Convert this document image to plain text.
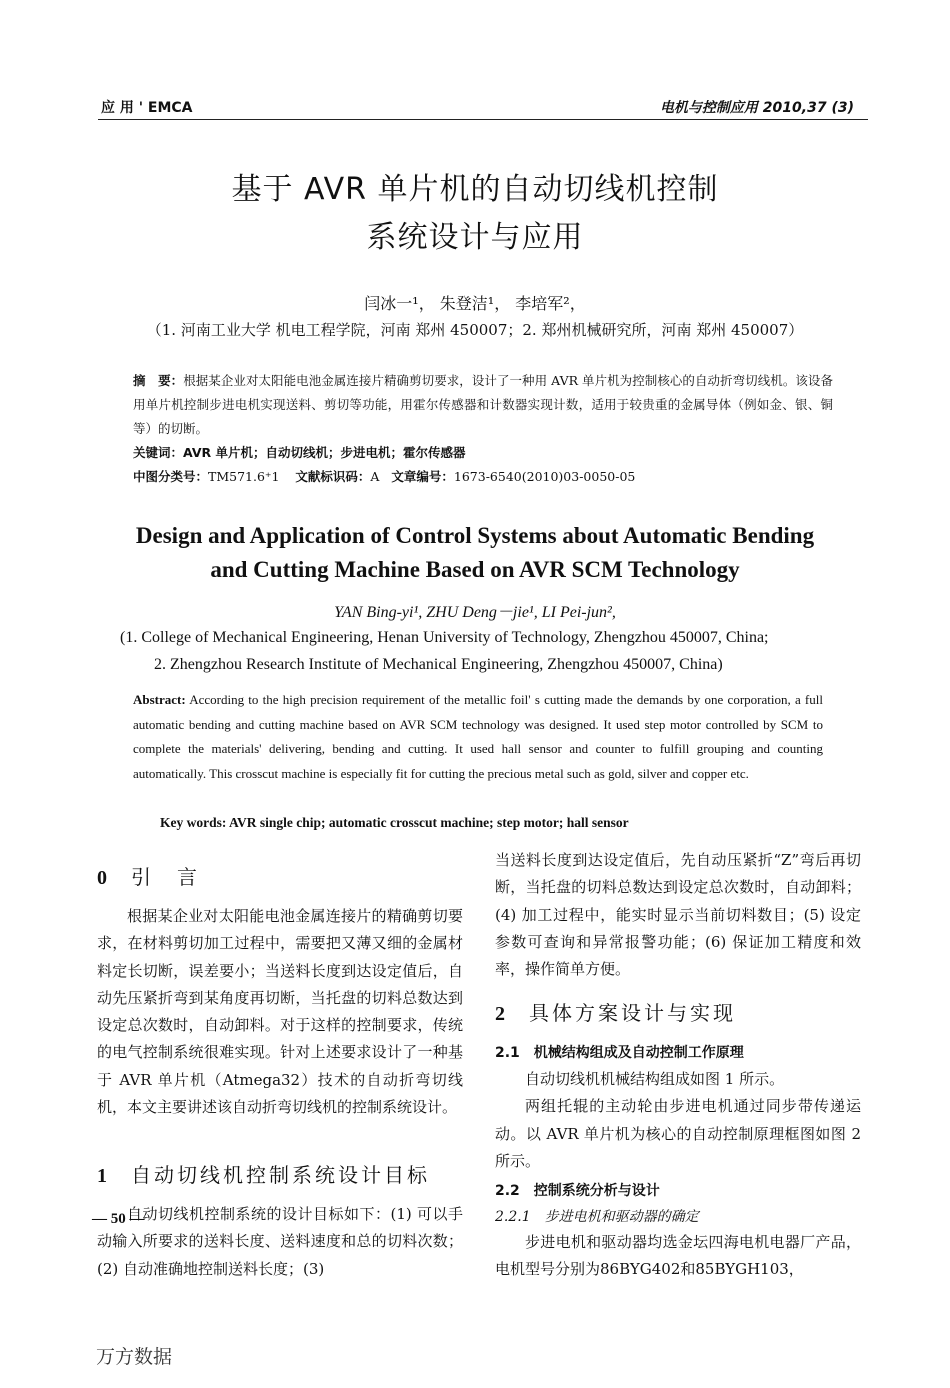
应 用 ' EMCA	电机与控制应用 2010,37 (3)
基于 AVR 单片机的自动切线机控制
系统设计与应用
闫冰一¹， 朱登洁¹， 李培军²，
（1. 河南工业大学 机电工程学院，河南 郑州 450007；2. 郑州机械研究所，河南 郑州 450007）

摘　要：根据某企业对太阳能电池金属连接片精确剪切要求，设计了一种用 AVR 单片机为控制核心的自动折弯切线机。该设备用单片机控制步进电机实现送料、剪切等功能，用霍尔传感器和计数器实现计数，适用于较贵重的金属导体（例如金、银、铜等）的切断。

关键词：AVR 单片机；自动切线机；步进电机；霍尔传感器

中图分类号：TM571.6⁺1 文献标识码：A 文章编号：1673-6540(2010)03-0050-05

Design and Application of Control Systems about Automatic Bending
and Cutting Machine Based on AVR SCM Technology
YAN Bing-yi¹, ZHU Deng－jie¹, LI Pei-jun²,

(1. College of Mechanical Engineering, Henan University of Technology, Zhengzhou 450007, China;

2. Zhengzhou Research Institute of Mechanical Engineering, Zhengzhou 450007, China)

Abstract: According to the high precision requirement of the metallic foil' s cutting made the demands by one corporation, a full automatic bending and cutting machine based on AVR SCM technology was designed. It used step motor controlled by SCM to complete the materials' delivering, bending and cutting. It used hall sensor and counter to fulfill grouping and counting automatically. This crosscut machine is especially fit for cutting the precious metal such as gold, silver and copper etc.
Key words: AVR single chip; automatic crosscut machine; step motor; hall sensor
0 引　言

根据某企业对太阳能电池金属连接片的精确剪切要求，在材料剪切加工过程中，需要把又薄又细的金属材料定长切断，误差要小；当送料长度到达设定值后，自动先压紧折弯到某角度再切断，当托盘的切料总数达到设定总次数时，自动卸料。对于这样的控制要求，传统的电气控制系统很难实现。针对上述要求设计了一种基于 AVR 单片机（Atmega32）技术的自动折弯切线机，本文主要讲述该自动折弯切线机的控制系统设计。

1 自动切线机控制系统设计目标

自动切线机控制系统的设计目标如下：(1) 可以手动输入所要求的送料长度、送料速度和总的切料次数；(2) 自动准确地控制送料长度；(3)

— 50 —

当送料长度到达设定值后，先自动压紧折“Z”弯后再切断，当托盘的切料总数达到设定总次数时，自动卸料；(4) 加工过程中，能实时显示当前切料数目；(5) 设定参数可查询和异常报警功能；(6) 保证加工精度和效率，操作简单方便。

2 具体方案设计与实现
2.1　机械结构组成及自动控制工作原理

自动切线机机械结构组成如图 1 所示。

两组托辊的主动轮由步进电机通过同步带传递运动。以 AVR 单片机为核心的自动控制原理框图如图 2 所示。

2.2　控制系统分析与设计
2.2.1　步进电机和驱动器的确定

步进电机和驱动器均选金坛四海电机电器厂产品，电机型号分别为86BYG402和85BYGH103，

万方数据
